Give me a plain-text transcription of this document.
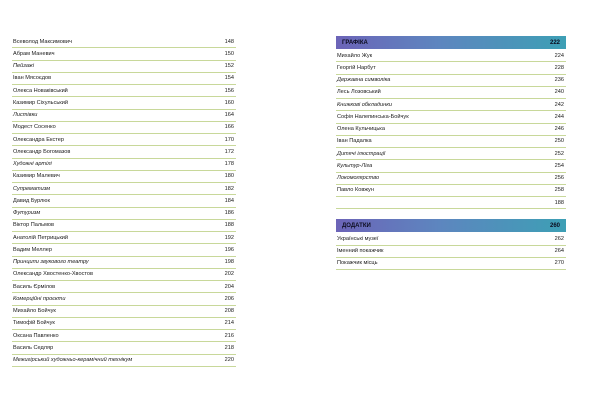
Всеволод Максимович	148
Абрам Маневич	150
Пейзажі	152
Іван Мясоєдов	154
Олекса Новаківський	156
Казимир Сіхульський	160
Листівки	164
Модест Сосенко	166
Олександра Екстер	170
Олександр Богомазов	172
Художні артілі	178
Казимир Малевич	180
Супрематизм	182
Давид Бурлюк	184
Футуризм	186
Віктор Пальмов	188
Анатолій Петрицький	192
Вадим Меллер	196
Принципи звукового театру	198
Олександр Хвостенко-Хвостов	202
Василь Єрмілов	204
Комерційні проєкти	206
Михайло Бойчук	208
Тимофій Бойчук	214
Оксана Павленко	216
Василь Седляр	218
Межигірський художньо-керамічний технікум	220
ГРАФІКА	222
Михайло Жук	224
Георгій Нарбут	228
Державна символіка	236
Лесь Лозовський	240
Книжкові обкладинки	242
Софія Налепинська-Бойчук	244
Олена Кульчицька	246
Іван Падалка	250
Дитячі ілюстрації	252
Культур-Ліга	254
Локомолярство	256
Павло Ковжун	258
188
ДОДАТКИ	260
Українські музеї	262
Іменний покажчик	264
Покажчик місць	270
